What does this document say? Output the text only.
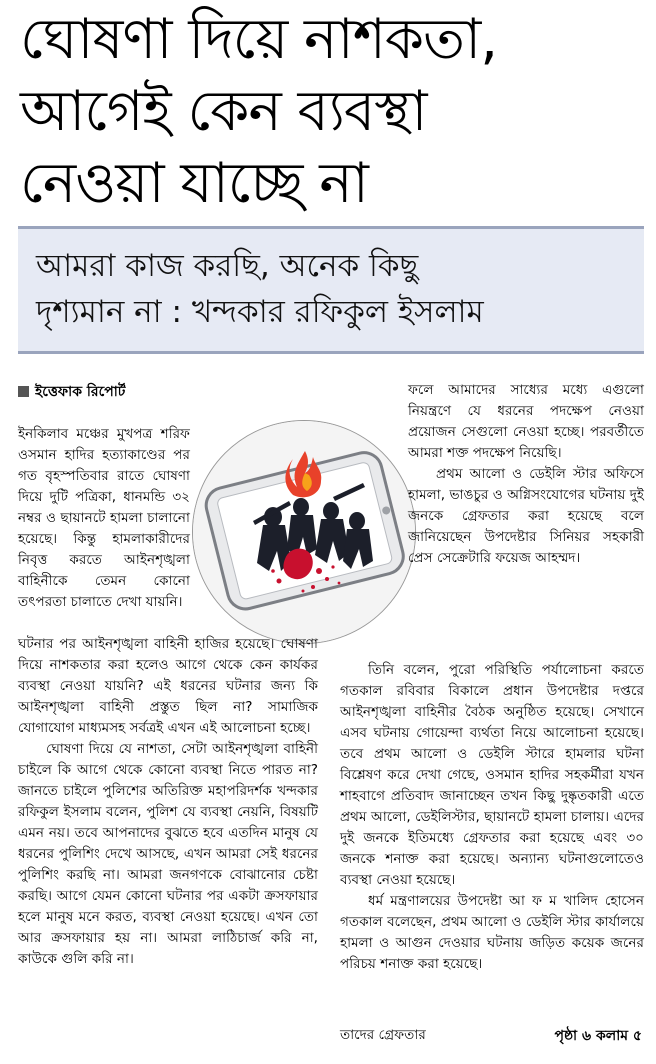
ঘোষণা দিয়ে নাশকতা,
আগেই কেন ব্যবস্থা
নেওয়া যাচ্ছে না
আমরা কাজ করছি, অনেক কিছু
দৃশ্যমান না : খন্দকার রফিকুল ইসলাম
ইত্তেফাক রিপোর্ট

ইনকিলাব মঞ্চের মুখপত্র শরিফ ওসমান হাদির হত্যাকাণ্ডের পর গত বৃহস্পতিবার রাতে ঘোষণা দিয়ে দুটি পত্রিকা, ধানমন্ডি ৩২ নম্বর ও ছায়ানটে হামলা চালানো হয়েছে। কিন্তু হামলাকারীদের নিবৃত্ত করতে আইনশৃঙ্খলা বাহিনীকে তেমন কোনো তৎপরতা চালাতে দেখা যায়নি।

ফলে আমাদের সাধ্যের মধ্যে এগুলো নিয়ন্ত্রণে যে ধরনের পদক্ষেপ নেওয়া প্রয়োজন সেগুলো নেওয়া হচ্ছে। পরবর্তীতে আমরা শক্ত পদক্ষেপ নিয়েছি।

প্রথম আলো ও ডেইলি স্টার অফিসে হামলা, ভাঙচুর ও অগ্নিসংযোগের ঘটনায় দুই জনকে গ্রেফতার করা হয়েছে বলে জানিয়েছেন উপদেষ্টার সিনিয়র সহকারী প্রেস সেক্রেটারি ফয়েজ আহম্মদ।

ঘটনার পর আইনশৃঙ্খলা বাহিনী হাজির হয়েছে। ঘোষণা দিয়ে নাশকতার করা হলেও আগে থেকে কেন কার্যকর ব্যবস্থা নেওয়া যায়নি? এই ধরনের ঘটনার জন্য কি আইনশৃঙ্খলা বাহিনী প্রস্তুত ছিল না? সামাজিক যোগাযোগ মাধ্যমসহ সর্বত্রই এখন এই আলোচনা হচ্ছে।

ঘোষণা দিয়ে যে নাশতা, সেটা আইনশৃঙ্খলা বাহিনী চাইলে কি আগে থেকে কোনো ব্যবস্থা নিতে পারত না? জানতে চাইলে পুলিশের অতিরিক্ত মহাপরিদর্শক খন্দকার রফিকুল ইসলাম বলেন, পুলিশ যে ব্যবস্থা নেয়নি, বিষয়টি এমন নয়। তবে আপনাদের বুঝতে হবে এতদিন মানুষ যে ধরনের পুলিশিং দেখে আসছে, এখন আমরা সেই ধরনের পুলিশিং করছি না। আমরা জনগণকে বোঝানোর চেষ্টা করছি। আগে যেমন কোনো ঘটনার পর একটা ক্রসফায়ার হলে মানুষ মনে করত, ব্যবস্থা নেওয়া হয়েছে। এখন তো আর ক্রসফায়ার হয় না। আমরা লাঠিচার্জ করি না, কাউকে গুলি করি না।

তিনি বলেন, পুরো পরিস্থিতি পর্যালোচনা করতে গতকাল রবিবার বিকালে প্রধান উপদেষ্টার দপ্তরে আইনশৃঙ্খলা বাহিনীর বৈঠক অনুষ্ঠিত হয়েছে। সেখানে এসব ঘটনায় গোয়েন্দা ব্যর্থতা নিয়ে আলোচনা হয়েছে। তবে প্রথম আলো ও ডেইলি স্টারে হামলার ঘটনা বিশ্লেষণ করে দেখা গেছে, ওসমান হাদির সহকর্মীরা যখন শাহবাগে প্রতিবাদ জানাচ্ছেন তখন কিছু দুষ্কৃতকারী এতে প্রথম আলো, ডেইলিস্টার, ছায়ানটে হামলা চালায়। এদের দুই জনকে ইতিমধ্যে গ্রেফতার করা হয়েছে এবং ৩০ জনকে শনাক্ত করা হয়েছে। অন্যান্য ঘটনাগুলোতেও ব্যবস্থা নেওয়া হয়েছে।

ধর্ম মন্ত্রণালয়ের উপদেষ্টা আ ফ ম খালিদ হোসেন গতকাল বলেছেন, প্রথম আলো ও ডেইলি স্টার কার্যালয়ে হামলা ও আগুন দেওয়ার ঘটনায় জড়িত কয়েক জনের পরিচয় শনাক্ত করা হয়েছে।

তাদের গ্রেফতার	পৃষ্ঠা ৬ কলাম ৫
